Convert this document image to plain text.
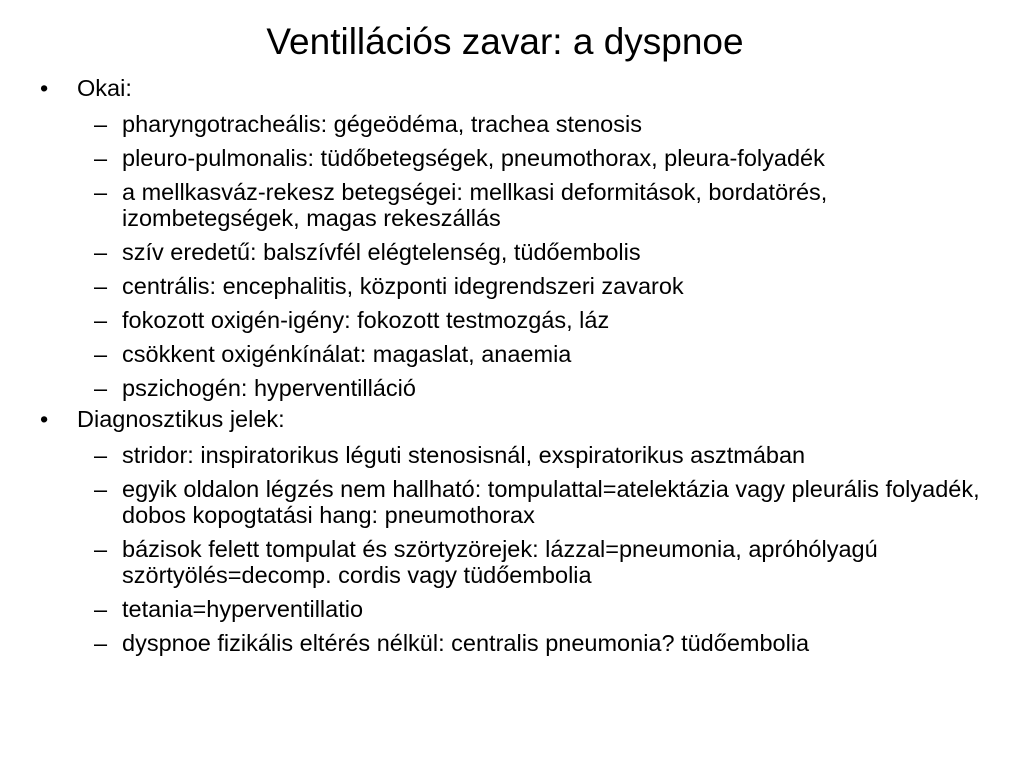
Ventillációs zavar: a dyspnoe
• Okai:
– pharyngotracheális: gégeödéma, trachea stenosis
– pleuro-pulmonalis: tüdőbetegségek, pneumothorax, pleura-folyadék
– a mellkasváz-rekesz betegségei: mellkasi deformitások, bordatörés, izombetegségek, magas rekeszállás
– szív eredetű: balszívfél elégtelenség, tüdőembolis
– centrális: encephalitis, központi idegrendszeri zavarok
– fokozott oxigén-igény: fokozott testmozgás, láz
– csökkent oxigénkínálat: magaslat, anaemia
– pszichogén: hyperventilláció
• Diagnosztikus jelek:
– stridor: inspiratorikus léguti stenosisnál, exspiratorikus asztmában
– egyik oldalon légzés nem hallható: tompulattal=atelektázia vagy pleurális folyadék, dobos kopogtatási hang: pneumothorax
– bázisok felett tompulat és szörtyzörejek: lázzal=pneumonia, apróhólyagú szörtyölés=decomp. cordis vagy tüdőembolia
– tetania=hyperventillatio
– dyspnoe fizikális eltérés nélkül: centralis pneumonia? tüdőembolia
